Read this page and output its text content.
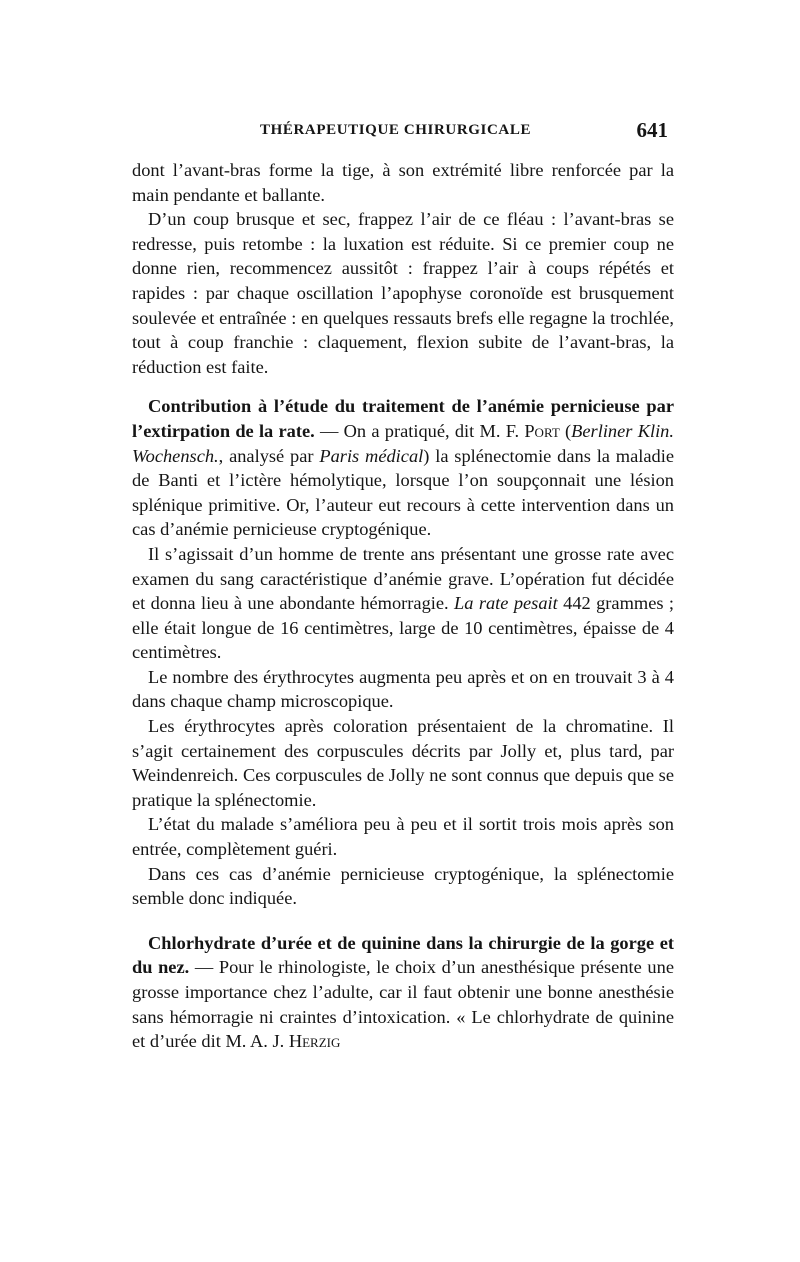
THÉRAPEUTIQUE CHIRURGICALE	641

dont l’avant-bras forme la tige, à son extrémité libre renforcée par la main pendante et ballante.

D’un coup brusque et sec, frappez l’air de ce fléau : l’avant-bras se redresse, puis retombe : la luxation est réduite. Si ce premier coup ne donne rien, recommencez aussitôt : frappez l’air à coups répétés et rapides : par chaque oscillation l’apophyse coronoïde est brusquement soulevée et entraînée : en quelques ressauts brefs elle regagne la trochlée, tout à coup franchie : claquement, flexion subite de l’avant-bras, la réduction est faite.

Contribution à l’étude du traitement de l’anémie pernicieuse par l’extirpation de la rate. — On a pratiqué, dit M. F. Port (Berliner Klin. Wochensch., analysé par Paris médical) la splénectomie dans la maladie de Banti et l’ictère hémolytique, lorsque l’on soupçonnait une lésion splénique primitive. Or, l’auteur eut recours à cette intervention dans un cas d’anémie pernicieuse cryptogénique.

Il s’agissait d’un homme de trente ans présentant une grosse rate avec examen du sang caractéristique d’anémie grave. L’opération fut décidée et donna lieu à une abondante hémorragie. La rate pesait 442 grammes ; elle était longue de 16 centimètres, large de 10 centimètres, épaisse de 4 centimètres.

Le nombre des érythrocytes augmenta peu après et on en trouvait 3 à 4 dans chaque champ microscopique.

Les érythrocytes après coloration présentaient de la chromatine. Il s’agit certainement des corpuscules décrits par Jolly et, plus tard, par Weindenreich. Ces corpuscules de Jolly ne sont connus que depuis que se pratique la splénectomie.

L’état du malade s’améliora peu à peu et il sortit trois mois après son entrée, complètement guéri.

Dans ces cas d’anémie pernicieuse cryptogénique, la splénectomie semble donc indiquée.

Chlorhydrate d’urée et de quinine dans la chirurgie de la gorge et du nez. — Pour le rhinologiste, le choix d’un anesthésique présente une grosse importance chez l’adulte, car il faut obtenir une bonne anesthésie sans hémorragie ni craintes d’intoxication. « Le chlorhydrate de quinine et d’urée dit M. A. J. Herzig
